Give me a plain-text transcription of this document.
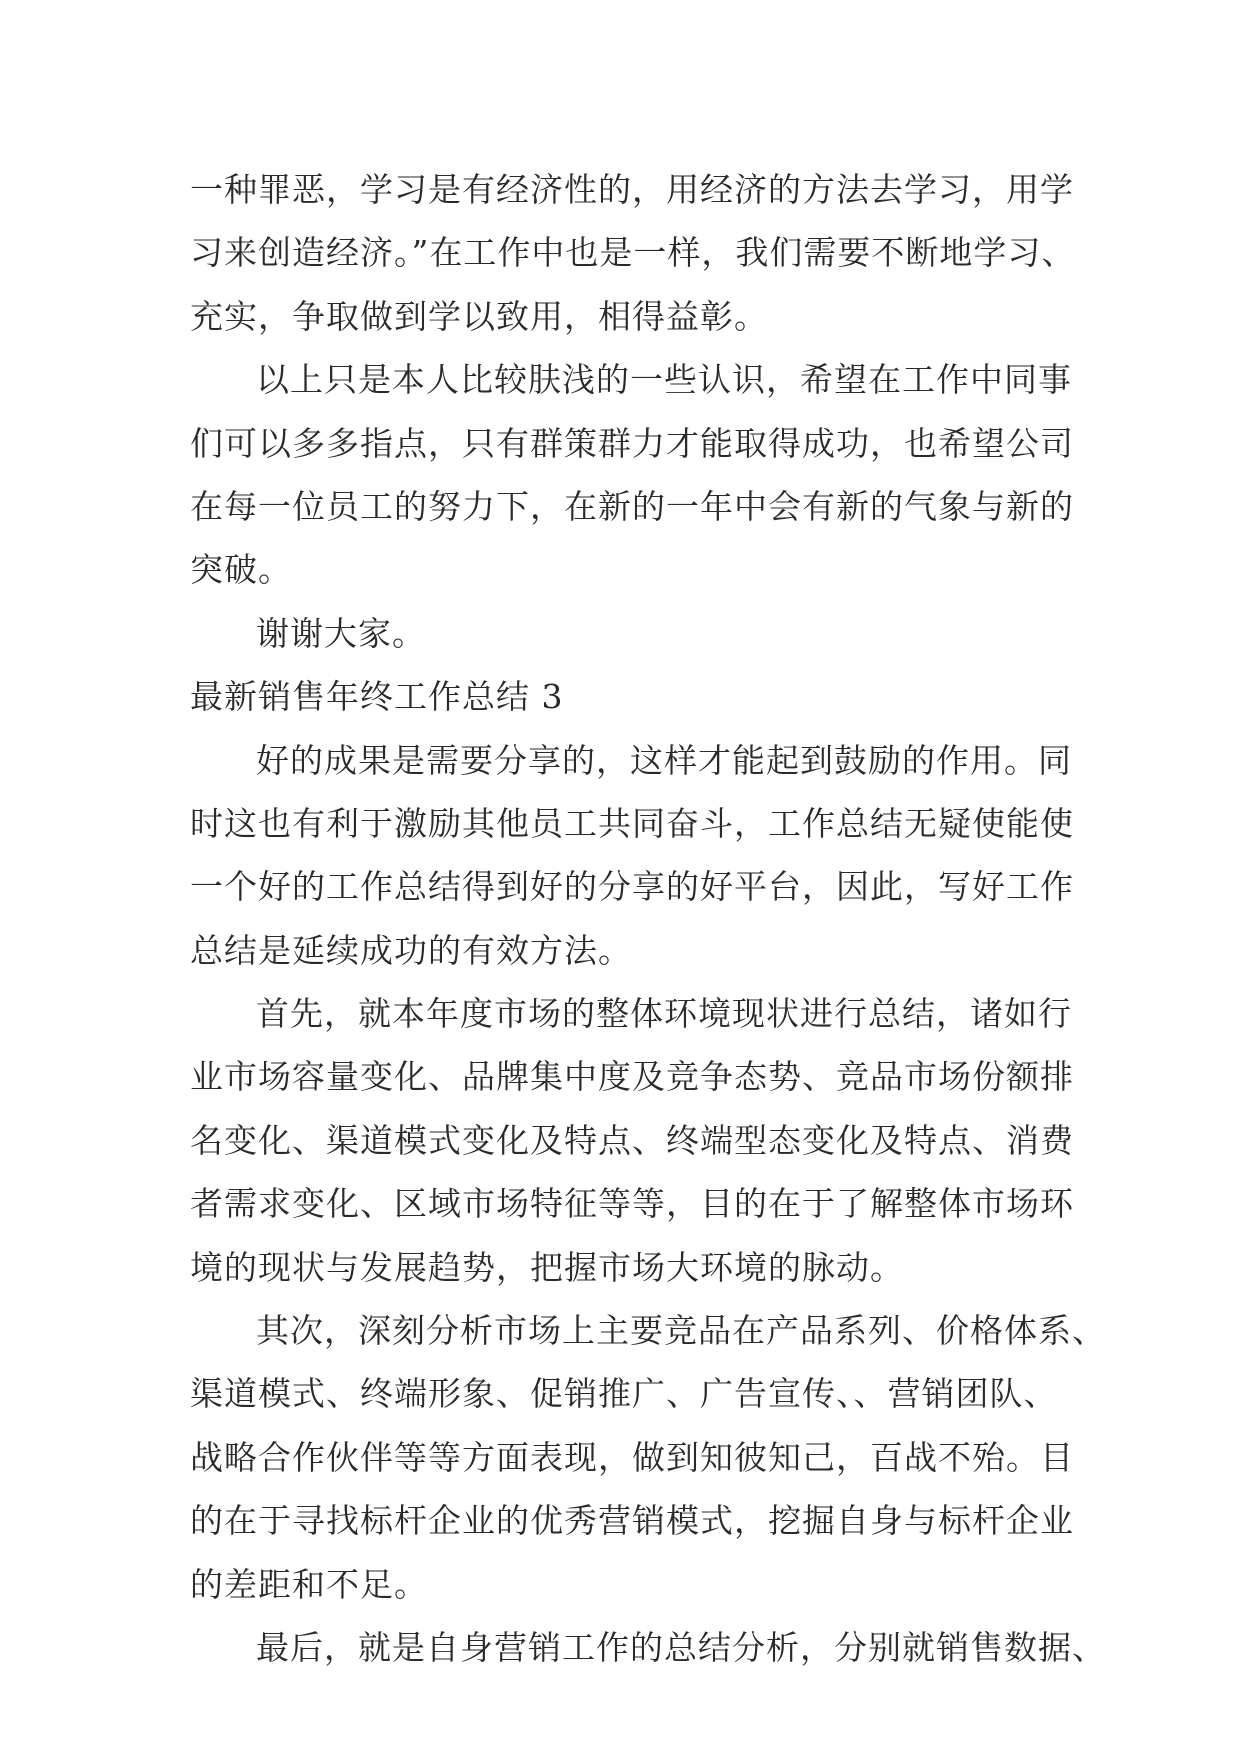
一种罪恶，学习是有经济性的，用经济的方法去学习，用学
习来创造经济。”在工作中也是一样，我们需要不断地学习、
充实，争取做到学以致用，相得益彰。
以上只是本人比较肤浅的一些认识，希望在工作中同事
们可以多多指点，只有群策群力才能取得成功，也希望公司
在每一位员工的努力下，在新的一年中会有新的气象与新的
突破。
谢谢大家。
最新销售年终工作总结 3
好的成果是需要分享的，这样才能起到鼓励的作用。同
时这也有利于激励其他员工共同奋斗，工作总结无疑使能使
一个好的工作总结得到好的分享的好平台，因此，写好工作
总结是延续成功的有效方法。
首先，就本年度市场的整体环境现状进行总结，诸如行
业市场容量变化、品牌集中度及竞争态势、竞品市场份额排
名变化、渠道模式变化及特点、终端型态变化及特点、消费
者需求变化、区域市场特征等等，目的在于了解整体市场环
境的现状与发展趋势，把握市场大环境的脉动。
其次，深刻分析市场上主要竞品在产品系列、价格体系、
渠道模式、终端形象、促销推广、广告宣传、、营销团队、
战略合作伙伴等等方面表现，做到知彼知己，百战不殆。目
的在于寻找标杆企业的优秀营销模式，挖掘自身与标杆企业
的差距和不足。
最后，就是自身营销工作的总结分析，分别就销售数据、
